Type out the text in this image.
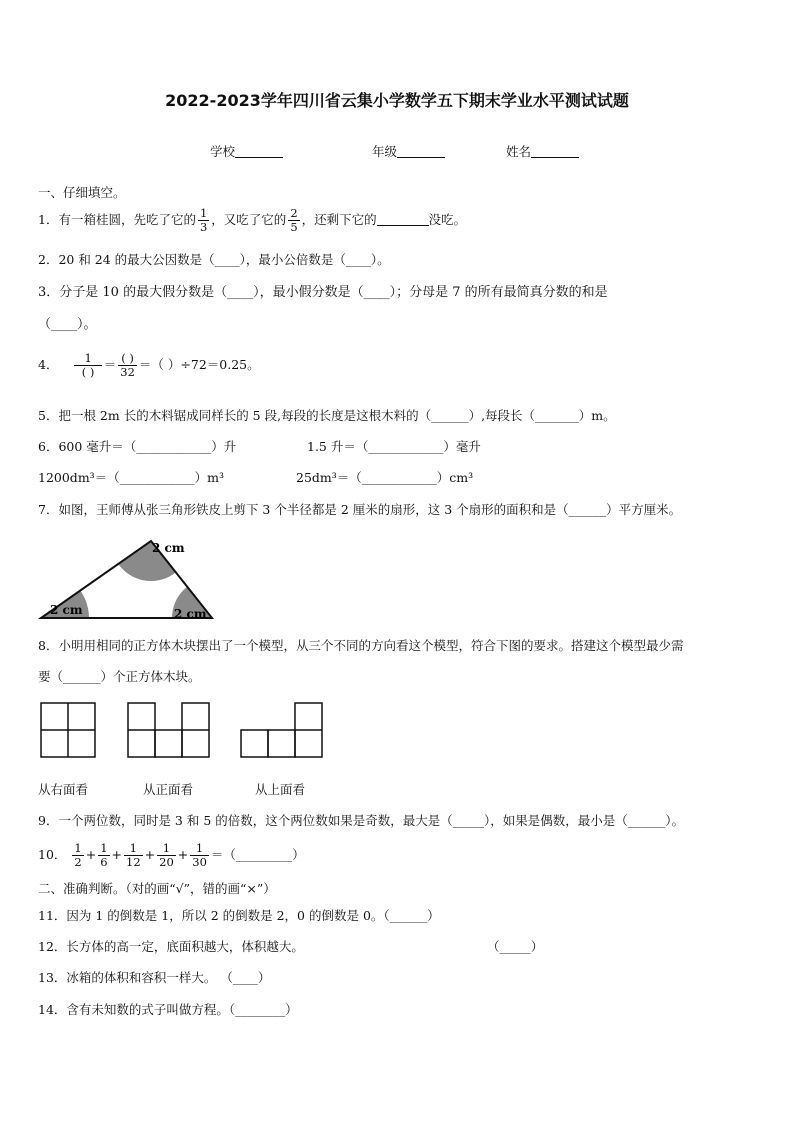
2022-2023学年四川省云集小学数学五下期末学业水平测试试题
学校	年级	姓名
一、仔细填空。
1．有一箱桂圆，先吃了它的 $\frac{1}{3}$ ，又吃了它的 $\frac{2}{5}$ ，还剩下它的	没吃。
2．20 和 24 的最大公因数是（____），最小公倍数是（____）。
3．分子是 10 的最大假分数是（____），最小假分数是（____）；分母是 7 的所有最简真分数的和是
（____）。
4． $\frac{1}{( )} = \frac{( )}{32}$ ＝（ ）÷72＝0.25。
5．把一根 2m 长的木料锯成同样长的 5 段,每段的长度是这根木料的（______）,每段长（_______）m。
6．600 毫升＝（____________）升	1.5 升＝（____________）毫升
1200dm³＝（____________）m³	25dm³＝（____________）cm³
7．如图，王师傅从张三角形铁皮上剪下 3 个半径都是 2 厘米的扇形，这 3 个扇形的面积和是（______）平方厘米。
2 cm
2 cm	2 cm
8．小明用相同的正方体木块摆出了一个模型，从三个不同的方向看这个模型，符合下图的要求。搭建这个模型最少需
要（______）个正方体木块。
从右面看	从正面看	从上面看
9．一个两位数，同时是 3 和 5 的倍数，这个两位数如果是奇数，最大是（_____），如果是偶数，最小是（______）。
10． $\frac{1}{2} + \frac{1}{6} + \frac{1}{12} + \frac{1}{20} + \frac{1}{30}$ ＝（_________）
二、准确判断。（对的画“√”，错的画“×”）
11．因为 1 的倒数是 1，所以 2 的倒数是 2，0 的倒数是 0。（______）
12．长方体的高一定，底面积越大，体积越大。	（_____）
13．冰箱的体积和容积一样大。 （____）
14．含有未知数的式子叫做方程。（________）
